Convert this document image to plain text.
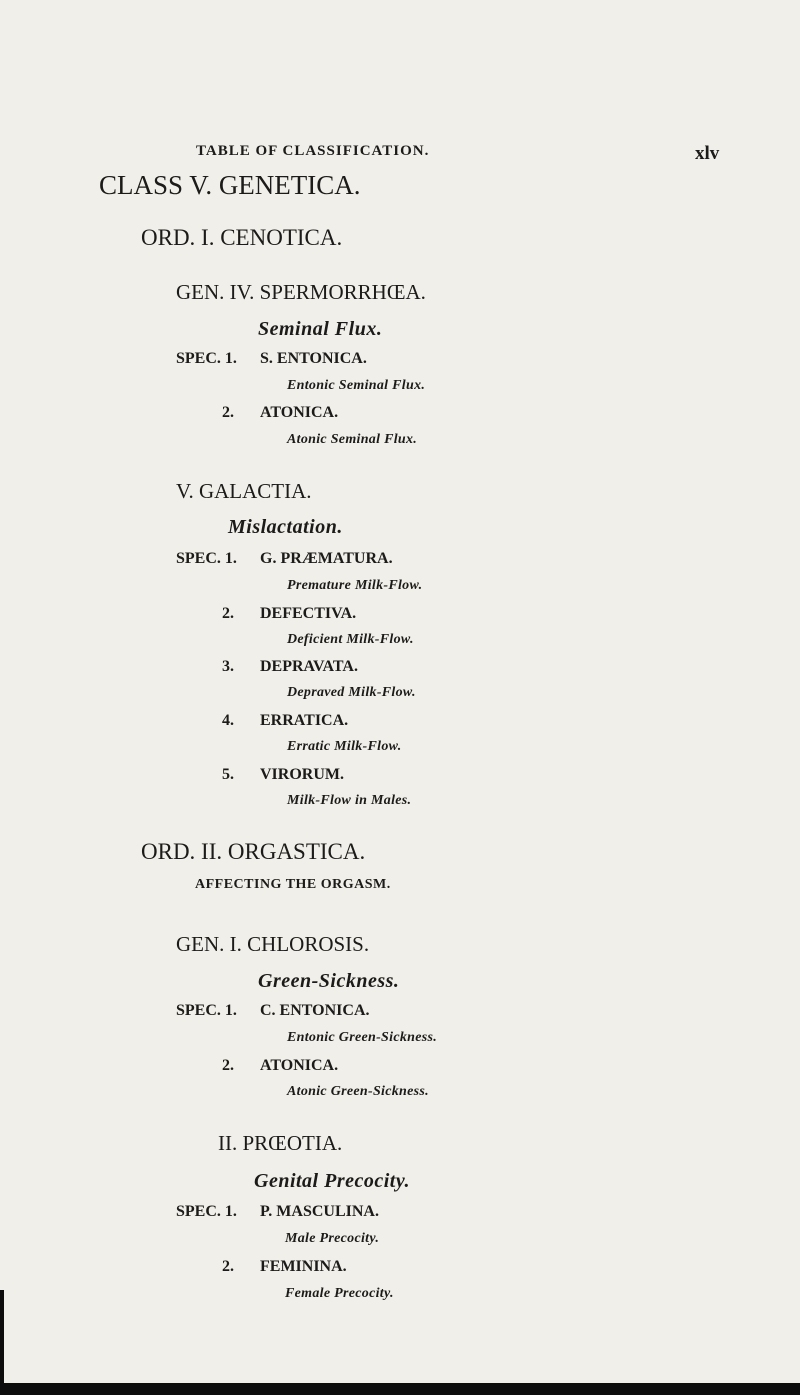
TABLE OF CLASSIFICATION.	xlv
CLASS V. GENETICA.
ORD. I. CENOTICA.
GEN. IV. SPERMORRHŒA.
Seminal Flux.
SPEC. 1. S. ENTONICA.
Entonic Seminal Flux.
2. ATONICA.
Atonic Seminal Flux.
V. GALACTIA.
Mislactation.
SPEC. 1. G. PRÆMATURA.
Premature Milk-Flow.
2. DEFECTIVA.
Deficient Milk-Flow.
3. DEPRAVATA.
Depraved Milk-Flow.
4. ERRATICA.
Erratic Milk-Flow.
5. VIRORUM.
Milk-Flow in Males.
ORD. II. ORGASTICA.
AFFECTING THE ORGASM.
GEN. I. CHLOROSIS.
Green-Sickness.
SPEC. 1. C. ENTONICA.
Entonic Green-Sickness.
2. ATONICA.
Atonic Green-Sickness.
II. PRŒOTIA.
Genital Precocity.
SPEC. 1. P. MASCULINA.
Male Precocity.
2. FEMININA.
Female Precocity.
